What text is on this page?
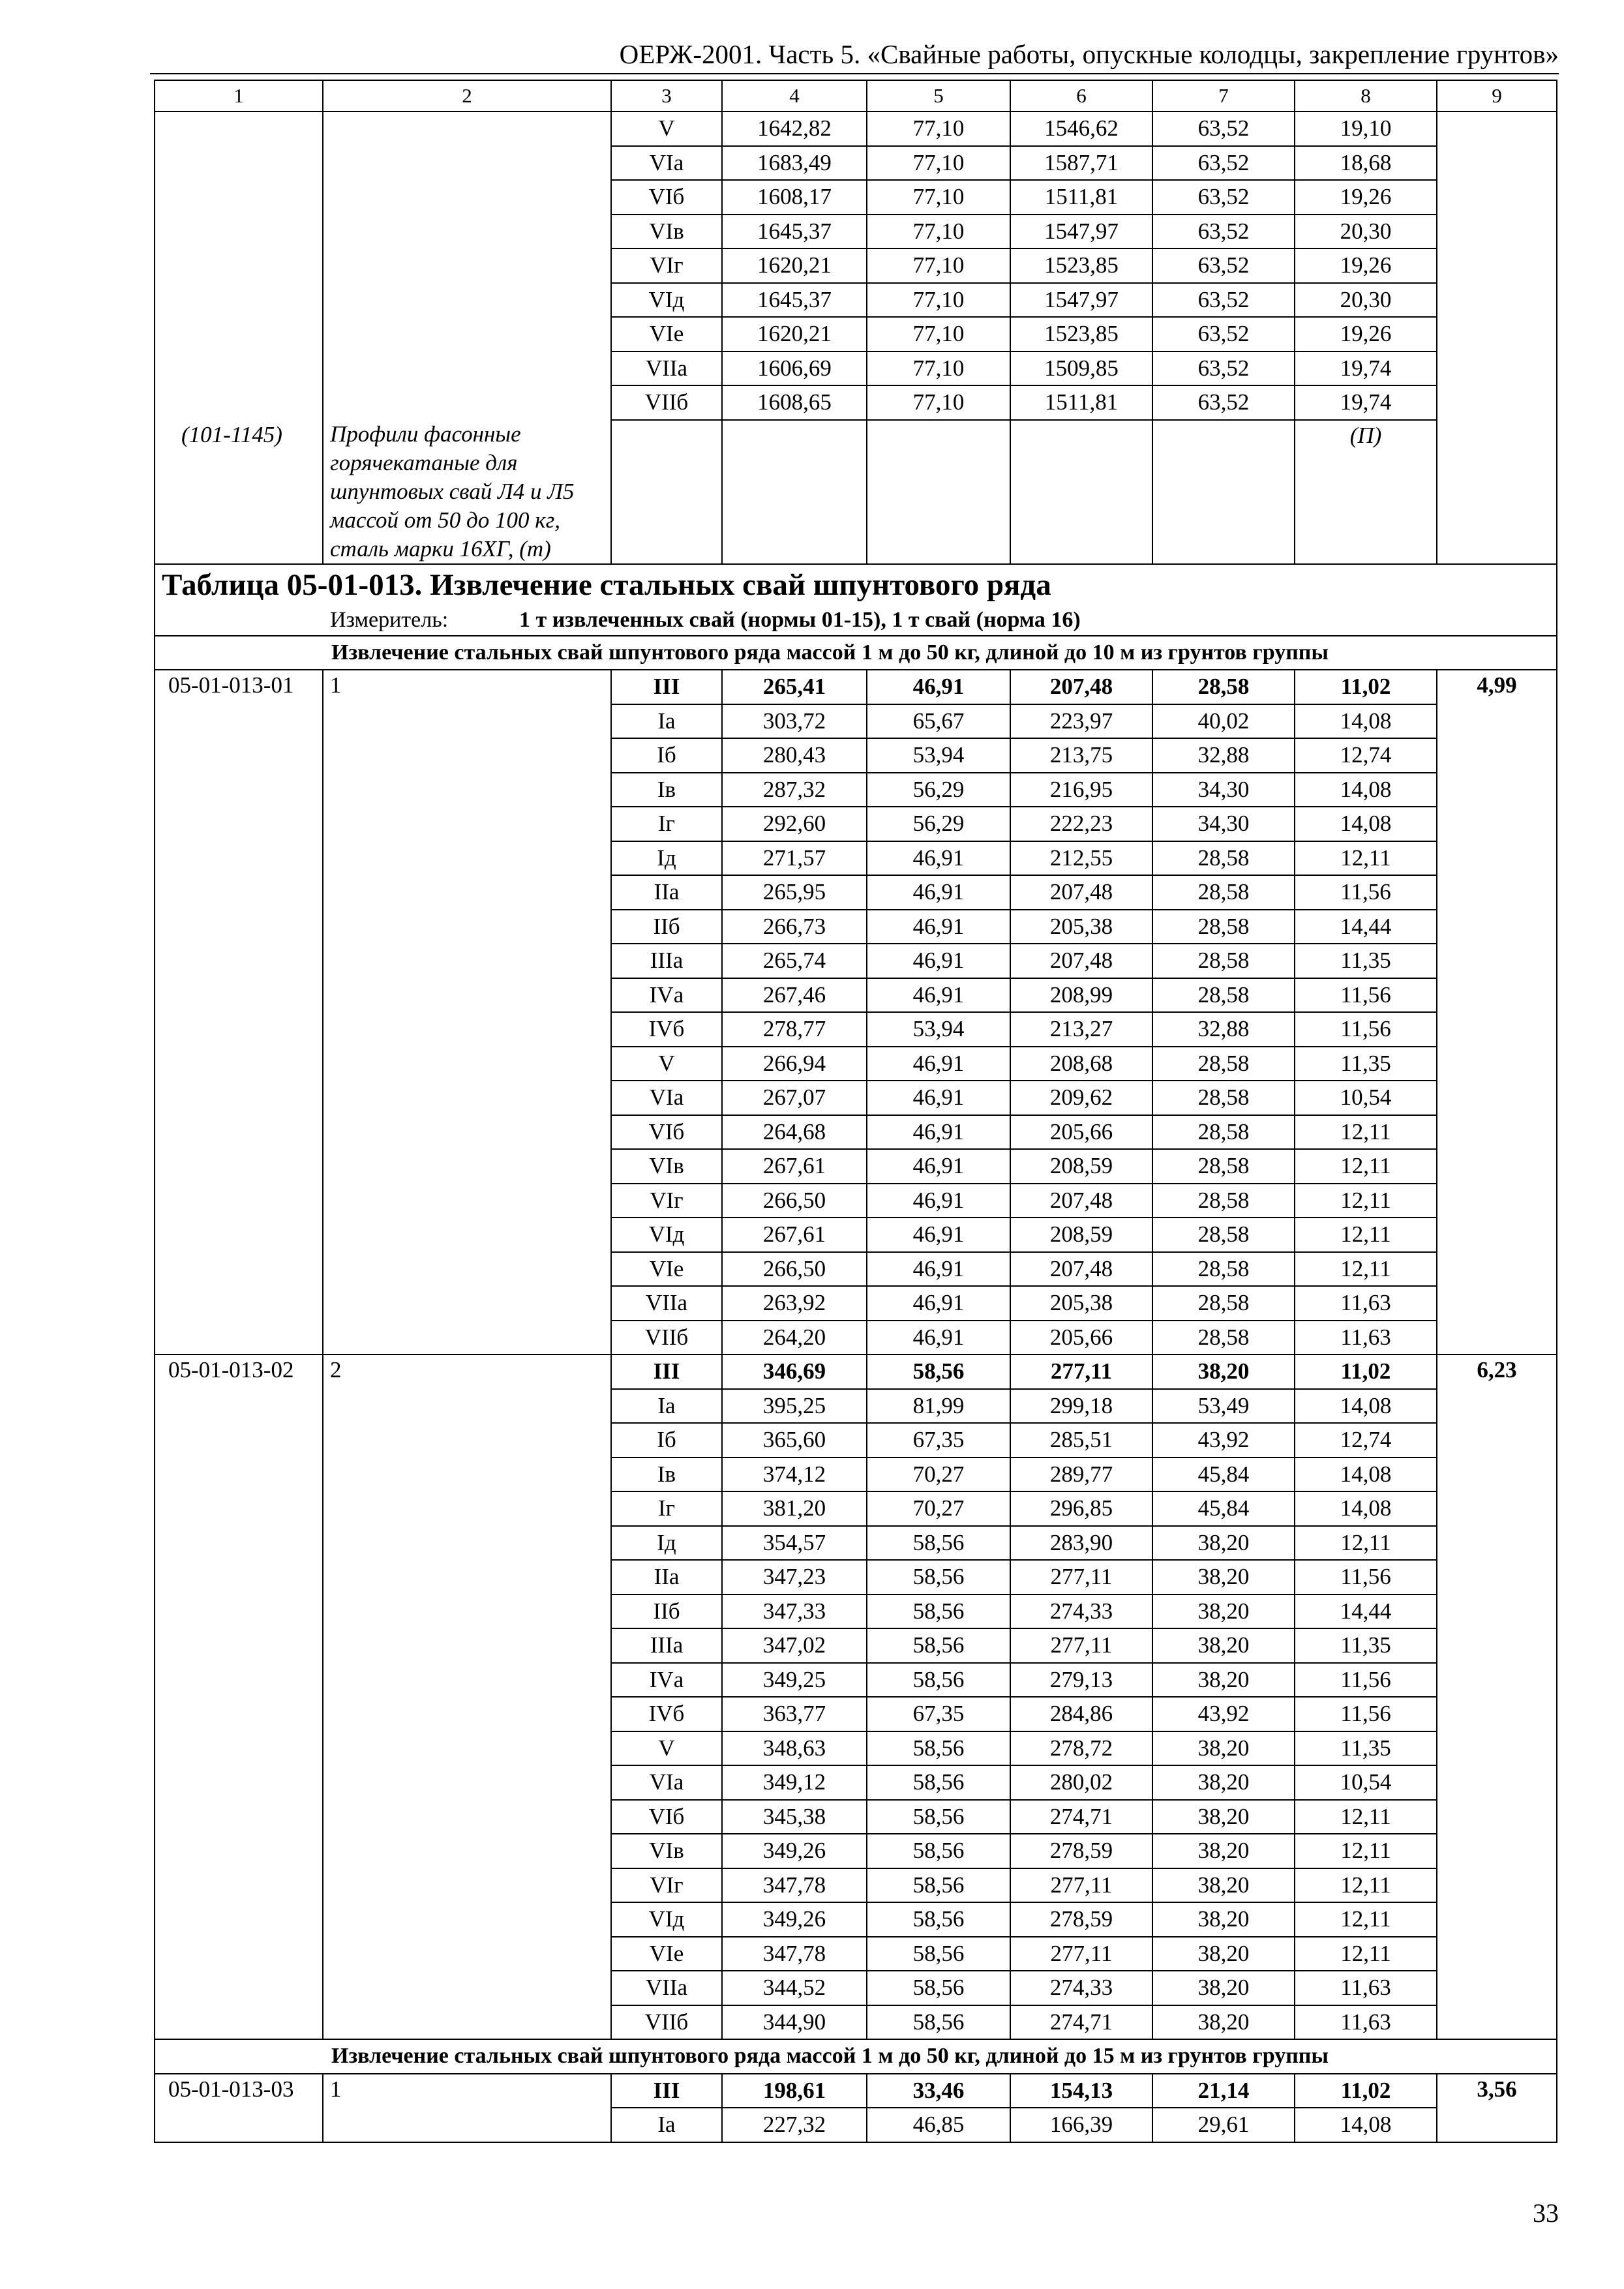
ОЕРЖ-2001. Часть 5. «Свайные работы, опускные колодцы, закрепление грунтов»
1	2	3	4	5	6	7	8	9
		V	1642,82	77,10	1546,62	63,52	19,10	
		VIа	1683,49	77,10	1587,71	63,52	18,68	
		VIб	1608,17	77,10	1511,81	63,52	19,26	
		VIв	1645,37	77,10	1547,97	63,52	20,30	
		VIг	1620,21	77,10	1523,85	63,52	19,26	
		VIд	1645,37	77,10	1547,97	63,52	20,30	
		VIе	1620,21	77,10	1523,85	63,52	19,26	
		VIIа	1606,69	77,10	1509,85	63,52	19,74	
		VIIб	1608,65	77,10	1511,81	63,52	19,74	
(101-1145)	Профили фасонные горячекатаные для шпунтовых свай Л4 и Л5 массой от 50 до 100 кг, сталь марки 16ХГ, (т)						(П)	
Таблица 05-01-013. Извлечение стальных свай шпунтового ряда								
Измеритель: 1 т извлеченных свай (нормы 01-15), 1 т свай (норма 16)								
Извлечение стальных свай шпунтового ряда массой 1 м до 50 кг, длиной до 10 м из грунтов группы								
05-01-013-01	1	III	265,41	46,91	207,48	28,58	11,02	4,99
		Iа	303,72	65,67	223,97	40,02	14,08	
		Iб	280,43	53,94	213,75	32,88	12,74	
		Iв	287,32	56,29	216,95	34,30	14,08	
		Iг	292,60	56,29	222,23	34,30	14,08	
		Iд	271,57	46,91	212,55	28,58	12,11	
		IIа	265,95	46,91	207,48	28,58	11,56	
		IIб	266,73	46,91	205,38	28,58	14,44	
		IIIа	265,74	46,91	207,48	28,58	11,35	
		IVа	267,46	46,91	208,99	28,58	11,56	
		IVб	278,77	53,94	213,27	32,88	11,56	
		V	266,94	46,91	208,68	28,58	11,35	
		VIа	267,07	46,91	209,62	28,58	10,54	
		VIб	264,68	46,91	205,66	28,58	12,11	
		VIв	267,61	46,91	208,59	28,58	12,11	
		VIг	266,50	46,91	207,48	28,58	12,11	
		VIд	267,61	46,91	208,59	28,58	12,11	
		VIе	266,50	46,91	207,48	28,58	12,11	
		VIIа	263,92	46,91	205,38	28,58	11,63	
		VIIб	264,20	46,91	205,66	28,58	11,63	
05-01-013-02	2	III	346,69	58,56	277,11	38,20	11,02	6,23
		Iа	395,25	81,99	299,18	53,49	14,08	
		Iб	365,60	67,35	285,51	43,92	12,74	
		Iв	374,12	70,27	289,77	45,84	14,08	
		Iг	381,20	70,27	296,85	45,84	14,08	
		Iд	354,57	58,56	283,90	38,20	12,11	
		IIа	347,23	58,56	277,11	38,20	11,56	
		IIб	347,33	58,56	274,33	38,20	14,44	
		IIIа	347,02	58,56	277,11	38,20	11,35	
		IVа	349,25	58,56	279,13	38,20	11,56	
		IVб	363,77	67,35	284,86	43,92	11,56	
		V	348,63	58,56	278,72	38,20	11,35	
		VIа	349,12	58,56	280,02	38,20	10,54	
		VIб	345,38	58,56	274,71	38,20	12,11	
		VIв	349,26	58,56	278,59	38,20	12,11	
		VIг	347,78	58,56	277,11	38,20	12,11	
		VIд	349,26	58,56	278,59	38,20	12,11	
		VIе	347,78	58,56	277,11	38,20	12,11	
		VIIа	344,52	58,56	274,33	38,20	11,63	
		VIIб	344,90	58,56	274,71	38,20	11,63	
Извлечение стальных свай шпунтового ряда массой 1 м до 50 кг, длиной до 15 м из грунтов группы								
05-01-013-03	1	III	198,61	33,46	154,13	21,14	11,02	3,56
		Iа	227,32	46,85	166,39	29,61	14,08	
33
